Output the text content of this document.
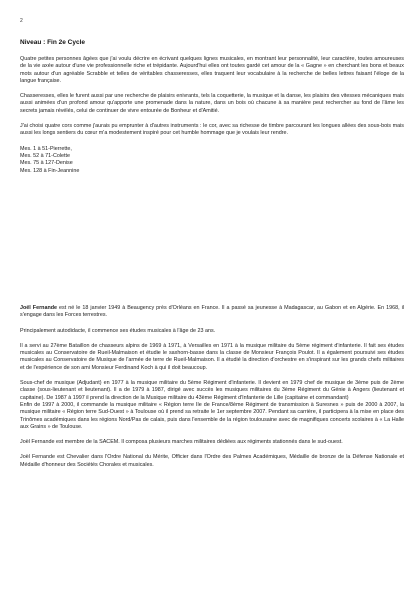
2
Niveau : Fin 2e Cycle

Quatre petites personnes âgées que j'ai voulu décrire en écrivant quelques lignes musicales, en montrant leur personnalité, leur caractère, toutes amoureuses de la vie axée autour d'une vie professionnelle riche et trépidante. Aujourd'hui elles ont toutes gardé cet amour de la « Gagne » en cherchant les bons et beaux mots autour d'un agréable Scrabble et telles de véritables chasseresses, elles traquent leur vocabulaire à la recherche de belles lettres faisant l'éloge de la langue française.

Chasseresses, elles le furent aussi par une recherche de plaisirs enivrants, tels la coquetterie, la musique et la danse, les plaisirs des vitesses mécaniques mais aussi animées d'un profond amour qu'apporte une promenade dans la nature, dans un bois où chacune à sa manière peut rechercher au fond de l'âme les secrets jamais révélés, celui de continuer de vivre entourée de Bonheur et d'Amitié.

J'ai choisi quatre cors comme j'aurais pu emprunter à d'autres instruments : le cor, avec sa richesse de timbre parcourant les longues allées des sous-bois mais aussi les longs sentiers du cœur m'a modestement inspiré pour cet humble hommage que je voulais leur rendre.

Mes. 1 à 51-Pierrette,
Mes. 52 à 71-Colette
Mes. 75 à 127-Denise
Mes. 128 à Fin-Jeannine

Joël Fernande est né le 18 janvier 1949 à Beaugency près d'Orléans en France. Il a passé sa jeunesse à Madagascar, au Gabon et en Algérie. En 1968, il s'engage dans les Forces terrestres.

Principalement autodidacte, il commence ses études musicales à l'âge de 23 ans.

Il a servi au 27ème Bataillon de chasseurs alpins de 1969 à 1971, à Versailles en 1971 à la musique militaire du 5ème régiment d'infanterie. Il fait ses études musicales au Conservatoire de Rueil-Malmaison et étudie le saxhorn-basse dans la classe de Monsieur François Poulot. Il a également poursuivi ses études musicales au Conservatoire de Musique de l'armée de terre de Rueil-Malmaison. Il a étudié la direction d'orchestre en s'inspirant sur les grands chefs militaires et de l'expérience de son ami Monsieur Ferdinand Koch à qui il doit beaucoup.

Sous-chef de musique (Adjudant) en 1977 à la musique militaire du 5ème Régiment d'infanterie. Il devient en 1979 chef de musique de 3ème puis de 2ème classe (sous-lieutenant et lieutenant). Il a de 1979 à 1987, dirigé avec succès les musiques militaires du 3ème Régiment du Génie à Angers (lieutenant et capitaine). De 1987 à 1997 il prend la direction de la Musique militaire du 43ème Régiment d'Infanterie de Lille (capitaine et commandant)

Enfin de 1997 à 2000, il commande la musique militaire « Région terre Ile de France/8ème Régiment de transmission à Suresnes » puis de 2000 à 2007, la musique militaire « Région terre Sud-Ouest » à Toulouse où il prend sa retraite le 1er septembre 2007. Pendant sa carrière, il participera à la mise en place des Trinômes académiques dans les régions Nord/Pas de calais, puis dans l'ensemble de la région toulousaine avec de magnifiques concerts scolaires à « La Halle aux Grains » de Toulouse.

Joël Fernande est membre de la SACEM. Il composa plusieurs marches militaires dédiées aux régiments stationnés dans le sud-ouest.

Joël Fernande est Chevalier dans l'Ordre National du Mérite, Officier dans l'Ordre des Palmes Académiques, Médaille de bronze de la Défense Nationale et Médaille d'honneur des Sociétés Chorales et musicales.
